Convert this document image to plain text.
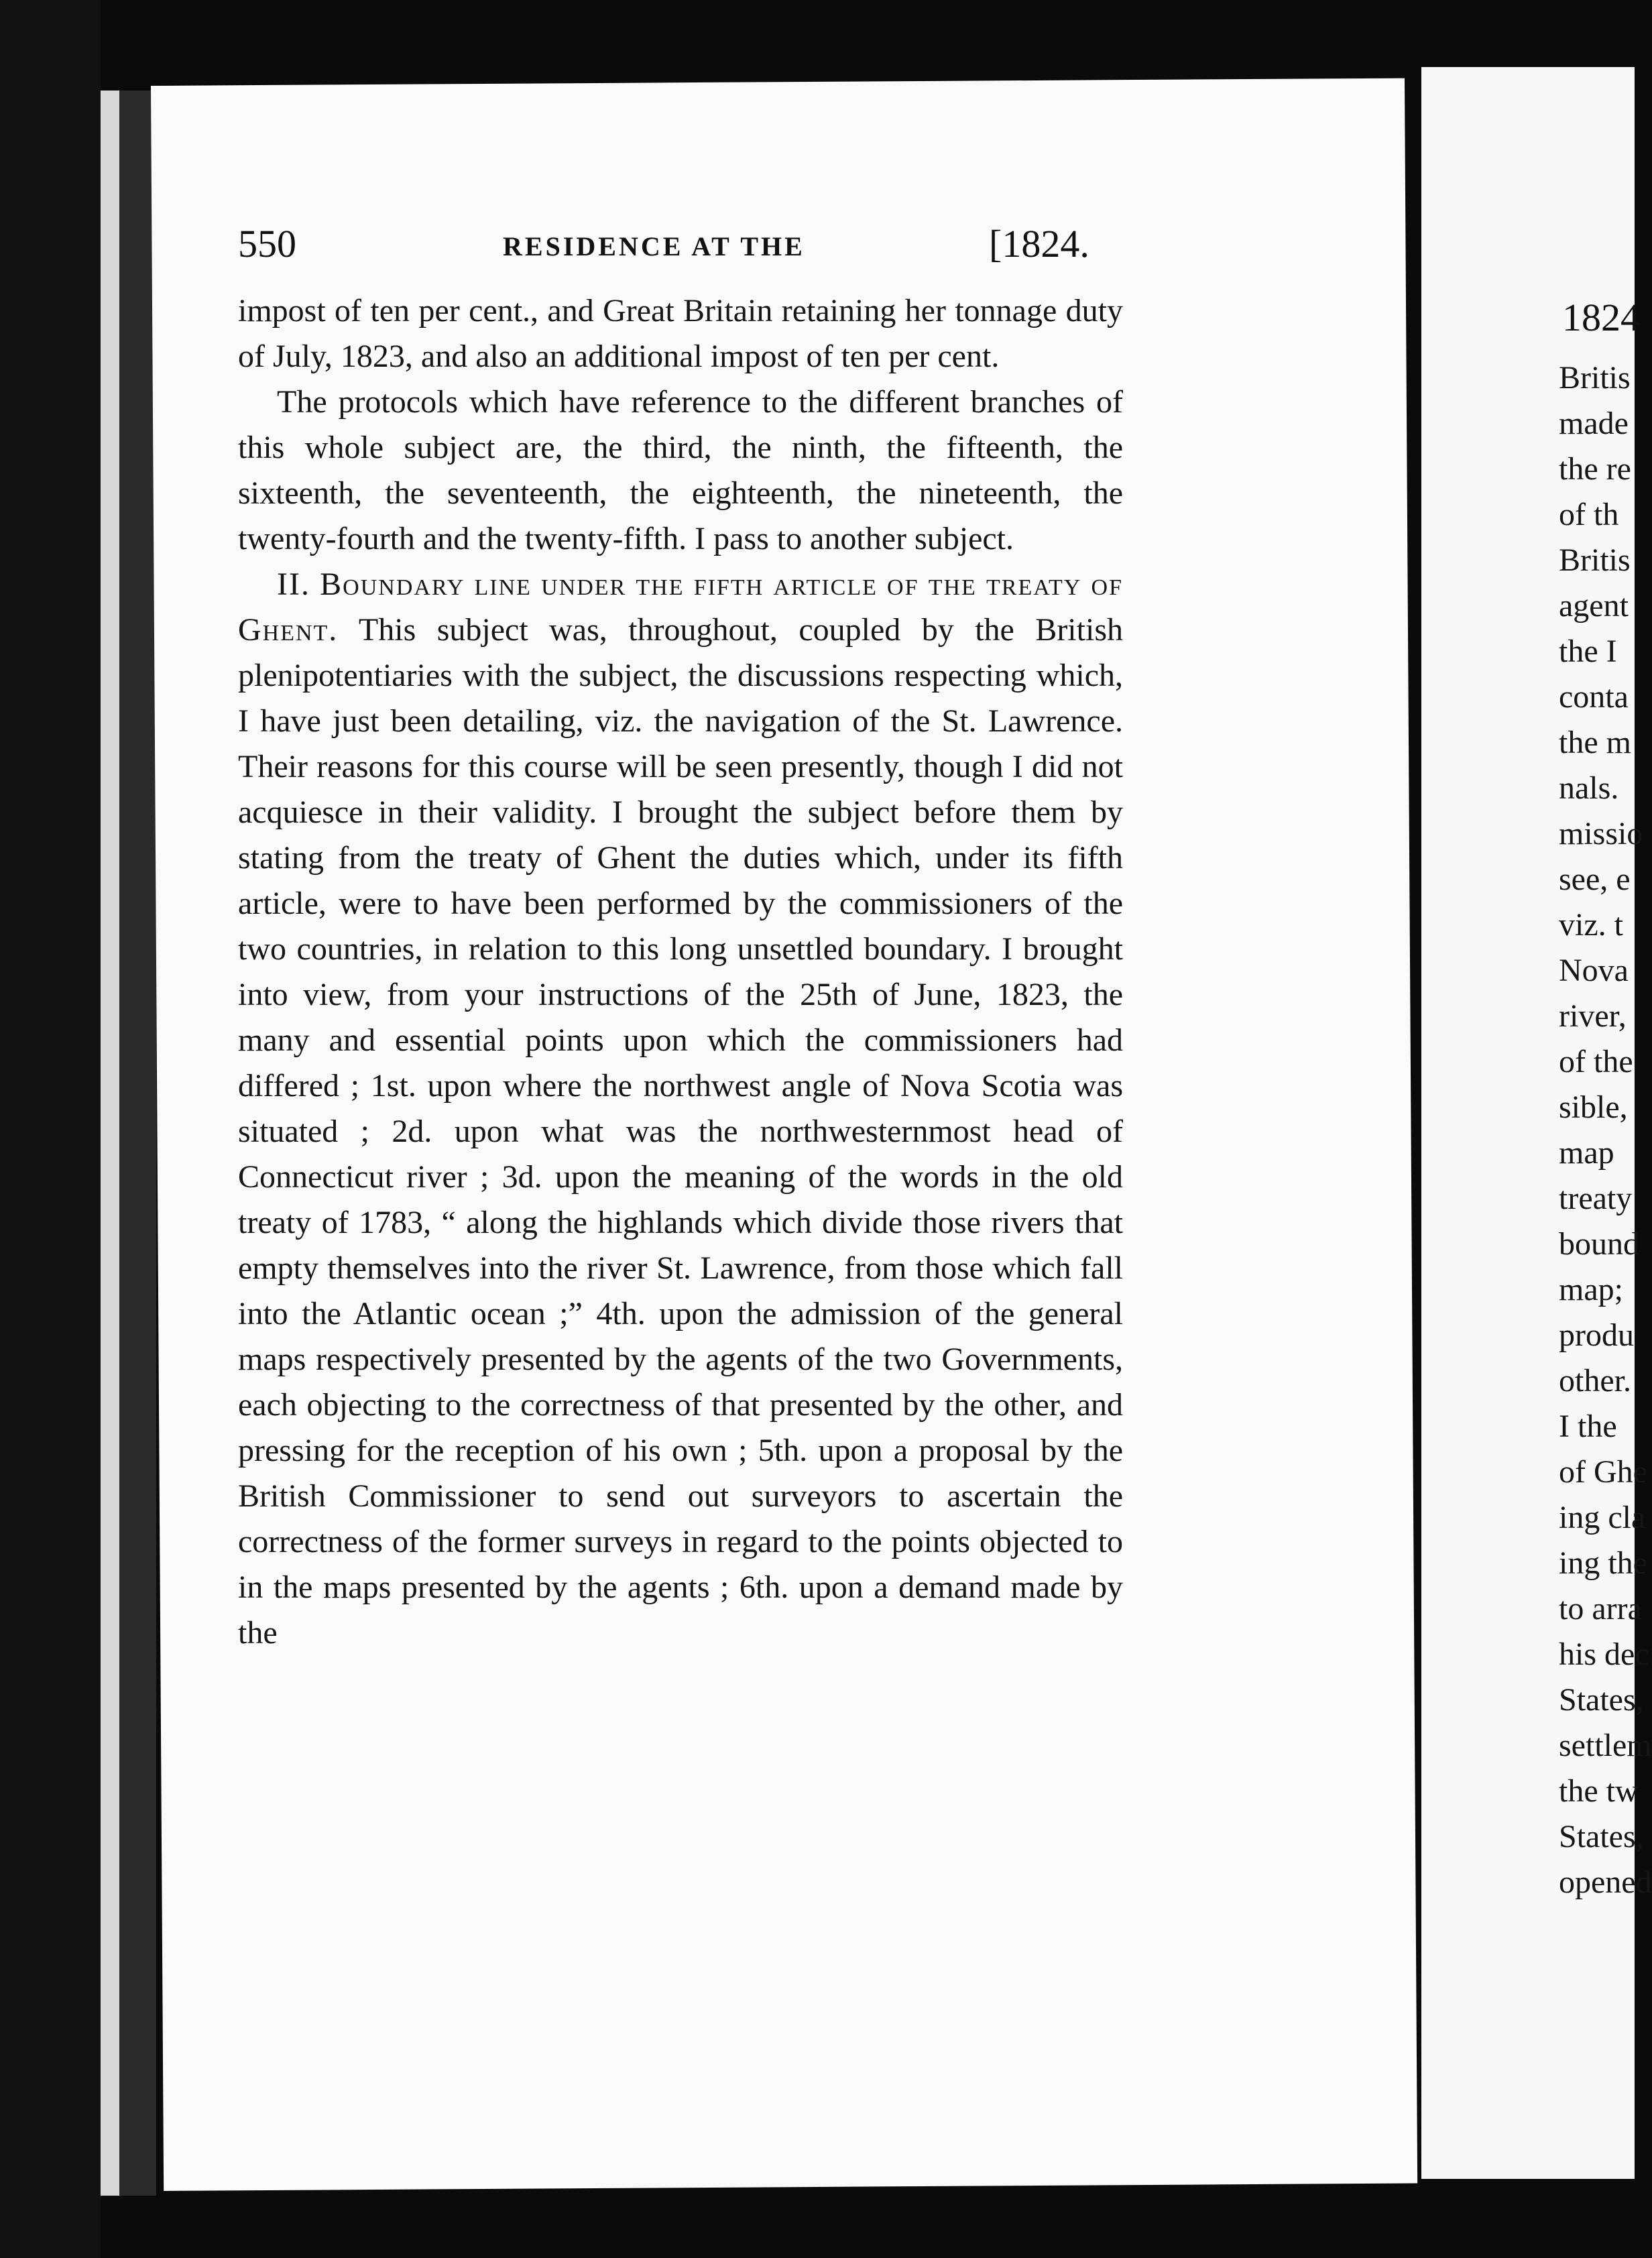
550	RESIDENCE AT THE	[1824.

impost of ten per cent., and Great Britain retaining her tonnage duty of July, 1823, and also an additional impost of ten per cent.

The protocols which have reference to the different branches of this whole subject are, the third, the ninth, the fifteenth, the sixteenth, the seventeenth, the eighteenth, the nineteenth, the twenty-fourth and the twenty-fifth. I pass to another subject.

II. Boundary line under the fifth article of the treaty of Ghent. This subject was, throughout, coupled by the British plenipotentiaries with the subject, the discussions respecting which, I have just been detailing, viz. the navigation of the St. Lawrence. Their reasons for this course will be seen presently, though I did not acquiesce in their validity. I brought the subject before them by stating from the treaty of Ghent the duties which, under its fifth article, were to have been performed by the commissioners of the two countries, in relation to this long unsettled boundary. I brought into view, from your instructions of the 25th of June, 1823, the many and essential points upon which the commissioners had differed ; 1st. upon where the northwest angle of Nova Scotia was situated ; 2d. upon what was the northwesternmost head of Connecticut river ; 3d. upon the meaning of the words in the old treaty of 1783, “ along the highlands which divide those rivers that empty themselves into the river St. Lawrence, from those which fall into the Atlantic ocean ;” 4th. upon the admission of the general maps respectively presented by the agents of the two Governments, each objecting to the correctness of that presented by the other, and pressing for the reception of his own ; 5th. upon a proposal by the British Commissioner to send out surveyors to ascertain the correctness of the former surveys in regard to the points objected to in the maps presented by the agents ; 6th. upon a demand made by the

1824
Britis
made
the re
of th
Britis
agent
the I
conta
the m
nals.
missio
see, e
viz. t
Nova
river,
of the
sible,
map
treaty
bound
map;
produ
other.
I the
of Ghe
ing cla
ing the
to arra
his dec
States,
settlem
the tw
States,
opened
